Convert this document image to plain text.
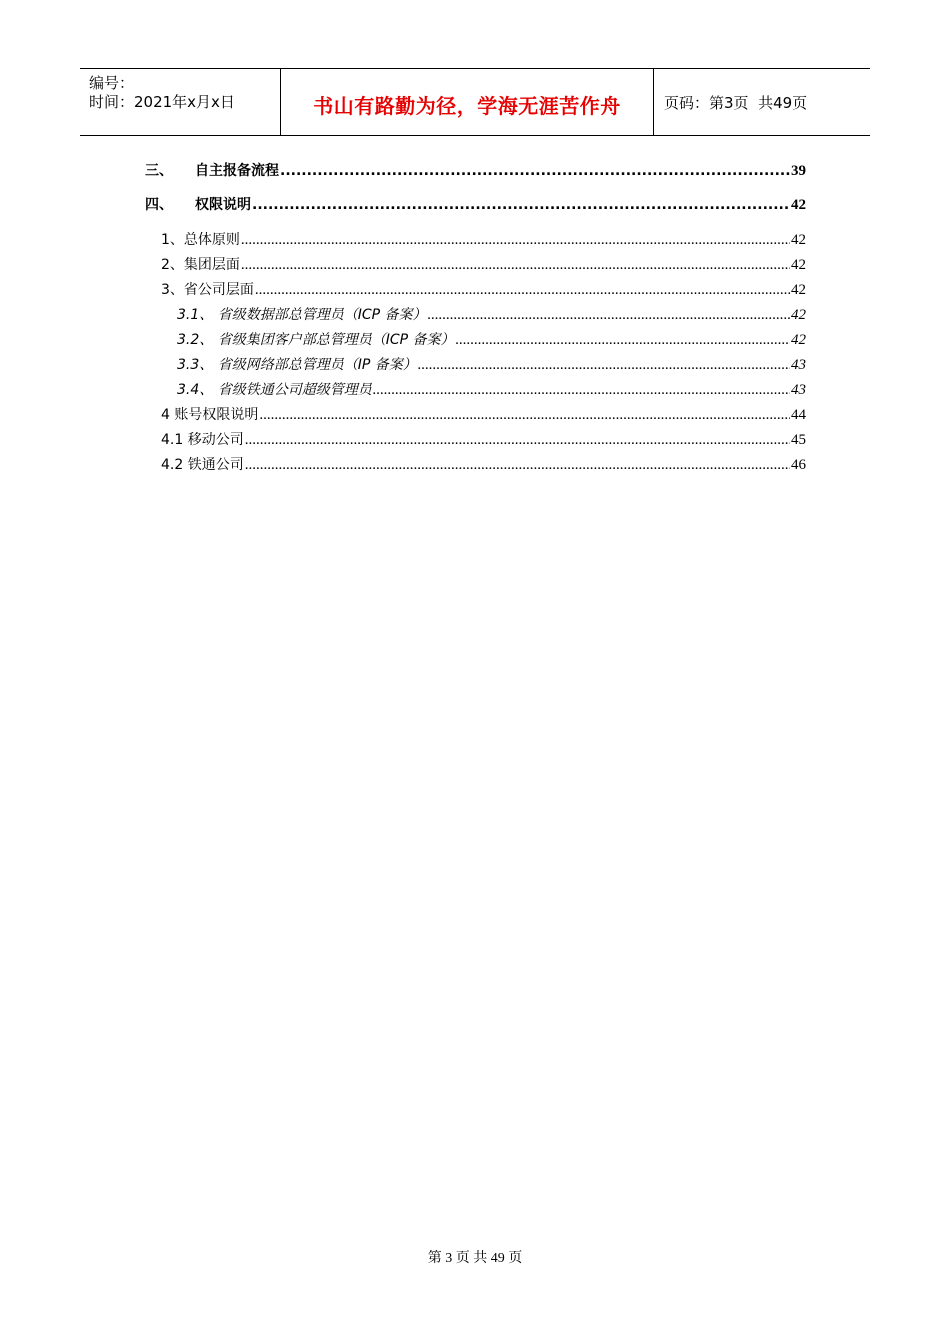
编号：
时间：2021年x月x日	书山有路勤为径，学海无涯苦作舟	页码：第3页  共49页
三、	自主报备流程 .....	39
四、	权限说明 .....	42
1、总体原则 .....	42
2、集团层面 .....	42
3、省公司层面 .....	42
3.1、 省级数据部总管理员（ICP 备案） .....	42
3.2、 省级集团客户部总管理员（ICP 备案） .....	42
3.3、 省级网络部总管理员（IP 备案） .....	43
3.4、 省级铁通公司超级管理员 .....	43
4 账号权限说明 .....	44
4.1 移动公司 .....	45
4.2 铁通公司 .....	46
第 3 页 共 49 页
